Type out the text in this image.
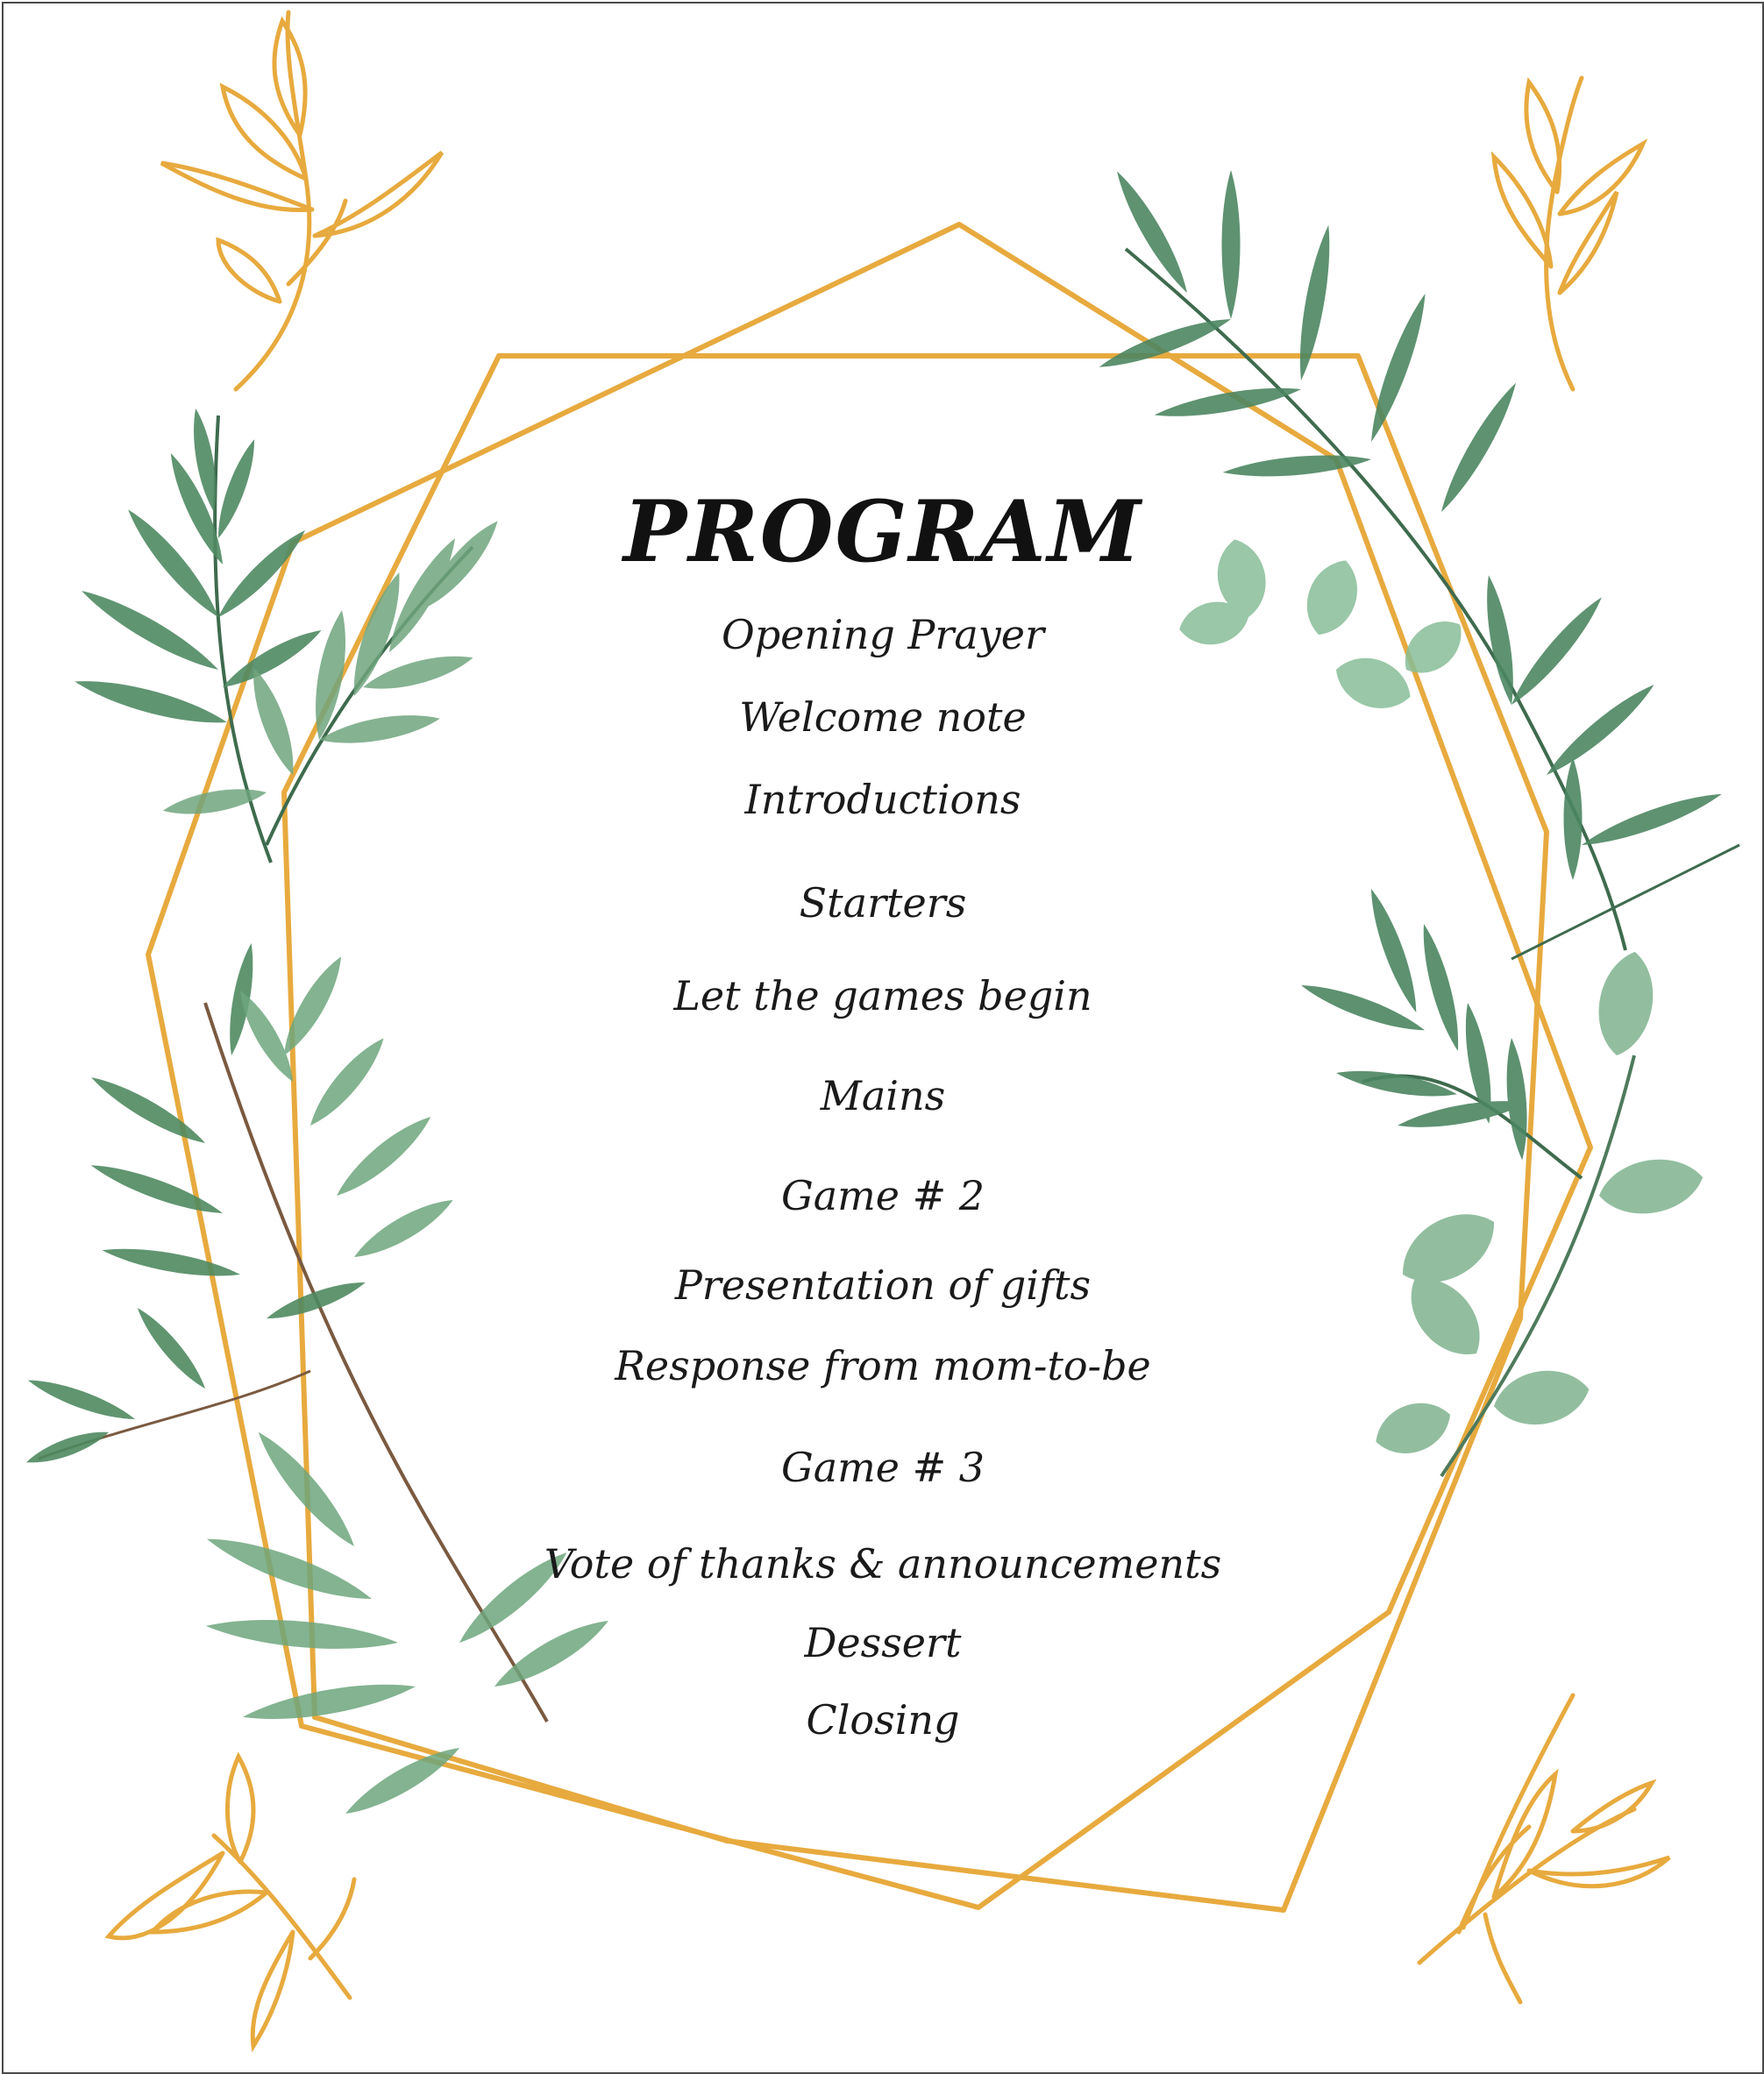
PROGRAM

Opening Prayer

Welcome note

Introductions

Starters

Let the games begin

Mains

Game # 2

Presentation of gifts

Response from mom-to-be

Game # 3

Vote of thanks & announcements

Dessert

Closing
